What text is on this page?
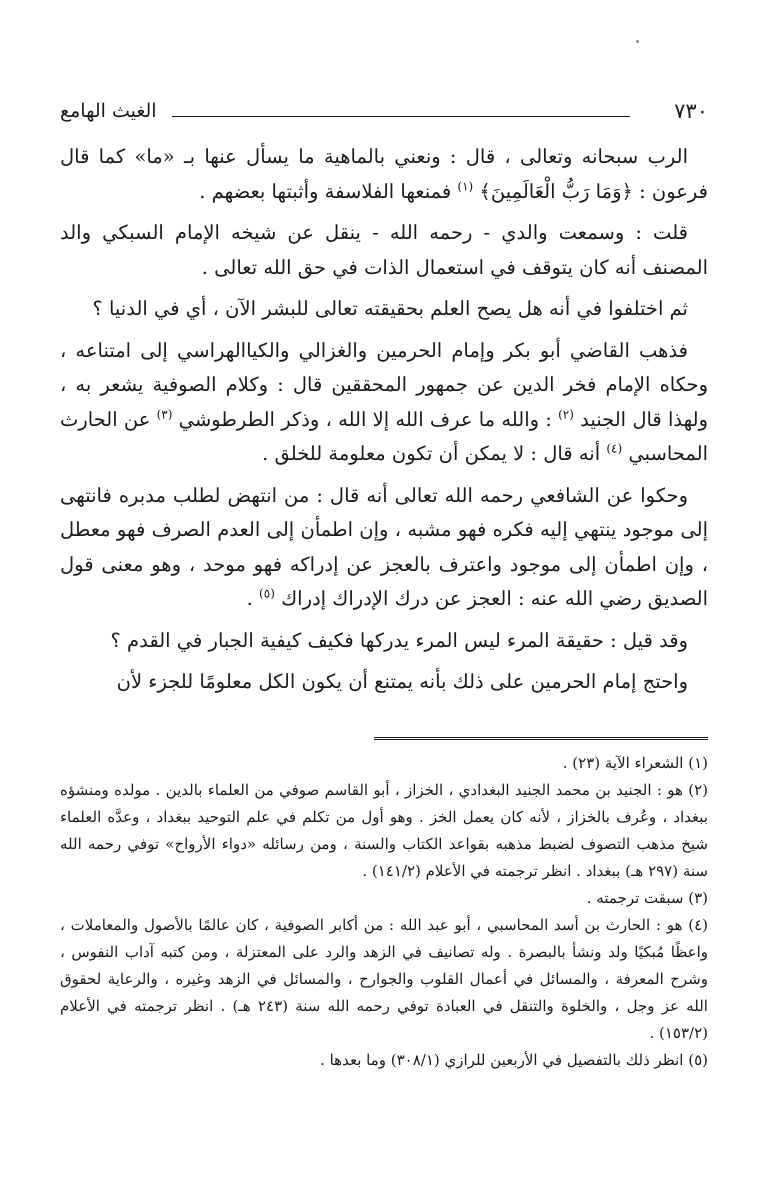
٧٣٠
الغيث الهامع

الرب سبحانه وتعالى ، قال : ونعني بالماهية ما يسأل عنها بـ «ما» كما قال فرعون : ﴿وَمَا رَبُّ الْعَالَمِينَ﴾ $^{(١)}$ فمنعها الفلاسفة وأثبتها بعضهم .

قلت : وسمعت والدي - رحمه الله - ينقل عن شيخه الإمام السبكي والد المصنف أنه كان يتوقف في استعمال الذات في حق الله تعالى .

ثم اختلفوا في أنه هل يصح العلم بحقيقته تعالى للبشر الآن ، أي في الدنيا ؟

فذهب القاضي أبو بكر وإمام الحرمين والغزالي والكياالهراسي إلى امتناعه ، وحكاه الإمام فخر الدين عن جمهور المحققين قال : وكلام الصوفية يشعر به ، ولهذا قال الجنيد $^{(٢)}$ : والله ما عرف الله إلا الله ، وذكر الطرطوشي $^{(٣)}$ عن الحارث المحاسبي $^{(٤)}$ أنه قال : لا يمكن أن تكون معلومة للخلق .

وحكوا عن الشافعي رحمه الله تعالى أنه قال : من انتهض لطلب مدبره فانتهى إلى موجود ينتهي إليه فكره فهو مشبه ، وإن اطمأن إلى العدم الصرف فهو معطل ، وإن اطمأن إلى موجود واعترف بالعجز عن إدراكه فهو موحد ، وهو معنى قول الصديق رضي الله عنه : العجز عن درك الإدراك إدراك $^{(٥)}$ .

وقد قيل : حقيقة المرء ليس المرء يدركها فكيف كيفية الجبار في القدم ؟

واحتج إمام الحرمين على ذلك بأنه يمتنع أن يكون الكل معلومًا للجزء لأن

(١) الشعراء الآية (٢٣) .

(٢) هو : الجنيد بن محمد الجنيد البغدادي ، الخزاز ، أبو القاسم صوفي من العلماء بالدين . مولده ومنشؤه ببغداد ، وعُرف بالخزاز ، لأنه كان يعمل الخز . وهو أول من تكلم في علم التوحيد ببغداد ، وعدَّه العلماء شيخ مذهب التصوف لضبط مذهبه بقواعد الكتاب والسنة ، ومن رسائله «دواء الأرواح» توفي رحمه الله سنة (٢٩٧ هـ) ببغداد . انظر ترجمته في الأعلام (١٤١/٢) .

(٣) سبقت ترجمته .

(٤) هو : الحارث بن أسد المحاسبي ، أبو عبد الله : من أكابر الصوفية ، كان عالمًا بالأصول والمعاملات ، واعظًا مُبكيًا ولد ونشأ بالبصرة . وله تصانيف في الزهد والرد على المعتزلة ، ومن كتبه آداب النفوس ، وشرح المعرفة ، والمسائل في أعمال القلوب والجوارح ، والمسائل في الزهد وغيره ، والرعاية لحقوق الله عز وجل ، والخلوة والتنقل في العبادة توفي رحمه الله سنة (٢٤٣ هـ) . انظر ترجمته في الأعلام (١٥٣/٢) .

(٥) انظر ذلك بالتفصيل في الأربعين للرازي (٣٠٨/١) وما بعدها .
